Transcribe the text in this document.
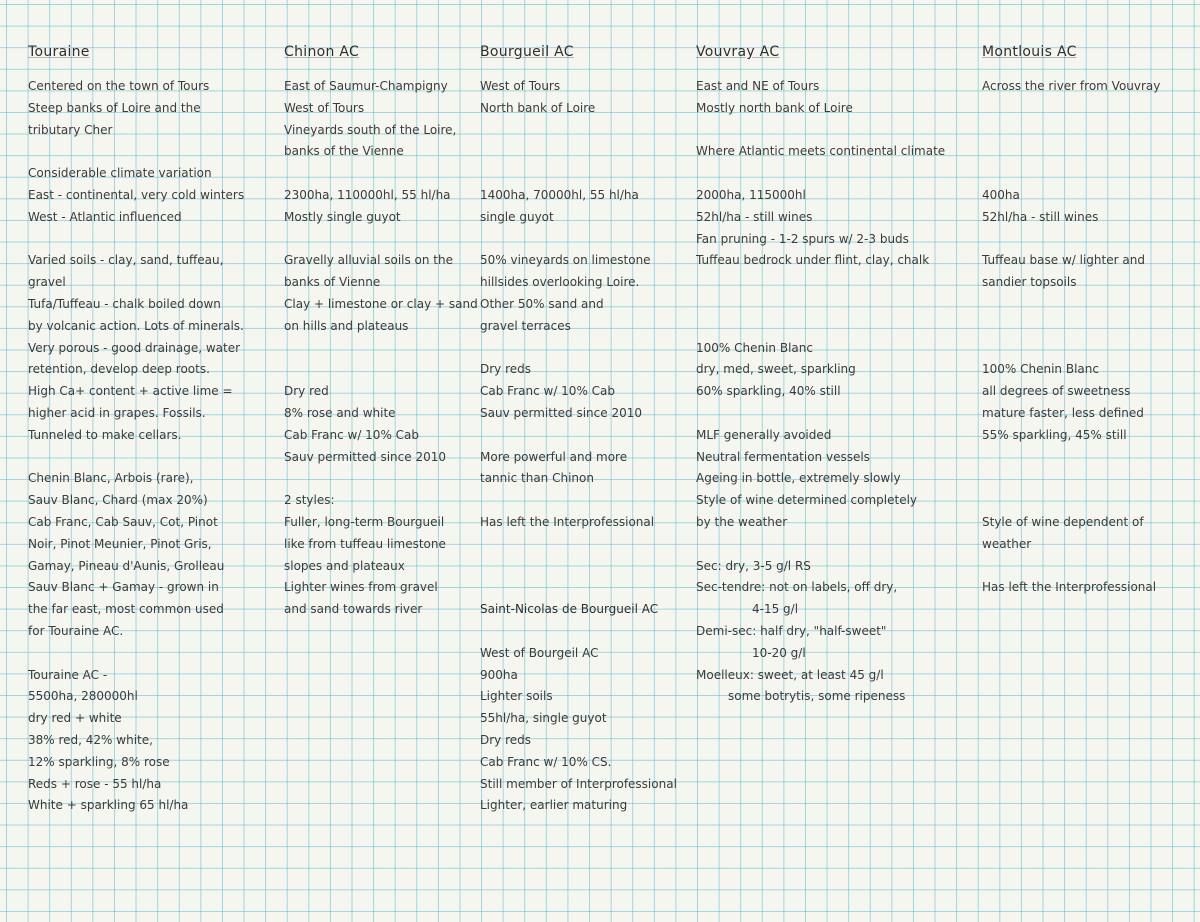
Touraine
Centered on the town of Tours
Steep banks of Loire and the
tributary Cher
Considerable climate variation
East - continental, very cold winters
West - Atlantic influenced
Varied soils - clay, sand, tuffeau,
gravel
Tufa/Tuffeau - chalk boiled down
by volcanic action. Lots of minerals.
Very porous - good drainage, water
retention, develop deep roots.
High Ca+ content + active lime =
higher acid in grapes. Fossils.
Tunneled to make cellars.
Chenin Blanc, Arbois (rare),
Sauv Blanc, Chard (max 20%)
Cab Franc, Cab Sauv, Cot, Pinot
Noir, Pinot Meunier, Pinot Gris,
Gamay, Pineau d'Aunis, Grolleau
Sauv Blanc + Gamay - grown in
the far east, most common used
for Touraine AC.
Touraine AC -
5500ha, 280000hl
dry red + white
38% red, 42% white,
12% sparkling, 8% rose
Reds + rose - 55 hl/ha
White + sparkling 65 hl/ha
Chinon AC
East of Saumur-Champigny
West of Tours
Vineyards south of the Loire,
banks of the Vienne
2300ha, 110000hl, 55 hl/ha
Mostly single guyot
Gravelly alluvial soils on the
banks of Vienne
Clay + limestone or clay + sand
on hills and plateaus
Dry red
8% rose and white
Cab Franc w/ 10% Cab
Sauv permitted since 2010
2 styles:
Fuller, long-term Bourgueil
like from tuffeau limestone
slopes and plateaux
Lighter wines from gravel
and sand towards river
Bourgueil AC
West of Tours
North bank of Loire
1400ha, 70000hl, 55 hl/ha
single guyot
50% vineyards on limestone
hillsides overlooking Loire.
Other 50% sand and
gravel terraces
Dry reds
Cab Franc w/ 10% Cab
Sauv permitted since 2010
More powerful and more
tannic than Chinon
Has left the Interprofessional
Saint-Nicolas de Bourgueil AC
West of Bourgeil AC
900ha
Lighter soils
55hl/ha, single guyot
Dry reds
Cab Franc w/ 10% CS.
Still member of Interprofessional
Lighter, earlier maturing
Vouvray AC
East and NE of Tours
Mostly north bank of Loire
Where Atlantic meets continental climate
2000ha, 115000hl
52hl/ha - still wines
Fan pruning - 1-2 spurs w/ 2-3 buds
Tuffeau bedrock under flint, clay, chalk
100% Chenin Blanc
dry, med, sweet, sparkling
60% sparkling, 40% still
MLF generally avoided
Neutral fermentation vessels
Ageing in bottle, extremely slowly
Style of wine determined completely
by the weather
Sec: dry, 3-5 g/l RS
Sec-tendre: not on labels, off dry,
4-15 g/l
Demi-sec: half dry, "half-sweet"
10-20 g/l
Moelleux: sweet, at least 45 g/l
some botrytis, some ripeness
Montlouis AC
Across the river from Vouvray
400ha
52hl/ha - still wines
Tuffeau base w/ lighter and
sandier topsoils
100% Chenin Blanc
all degrees of sweetness
mature faster, less defined
55% sparkling, 45% still
Style of wine dependent of
weather
Has left the Interprofessional
